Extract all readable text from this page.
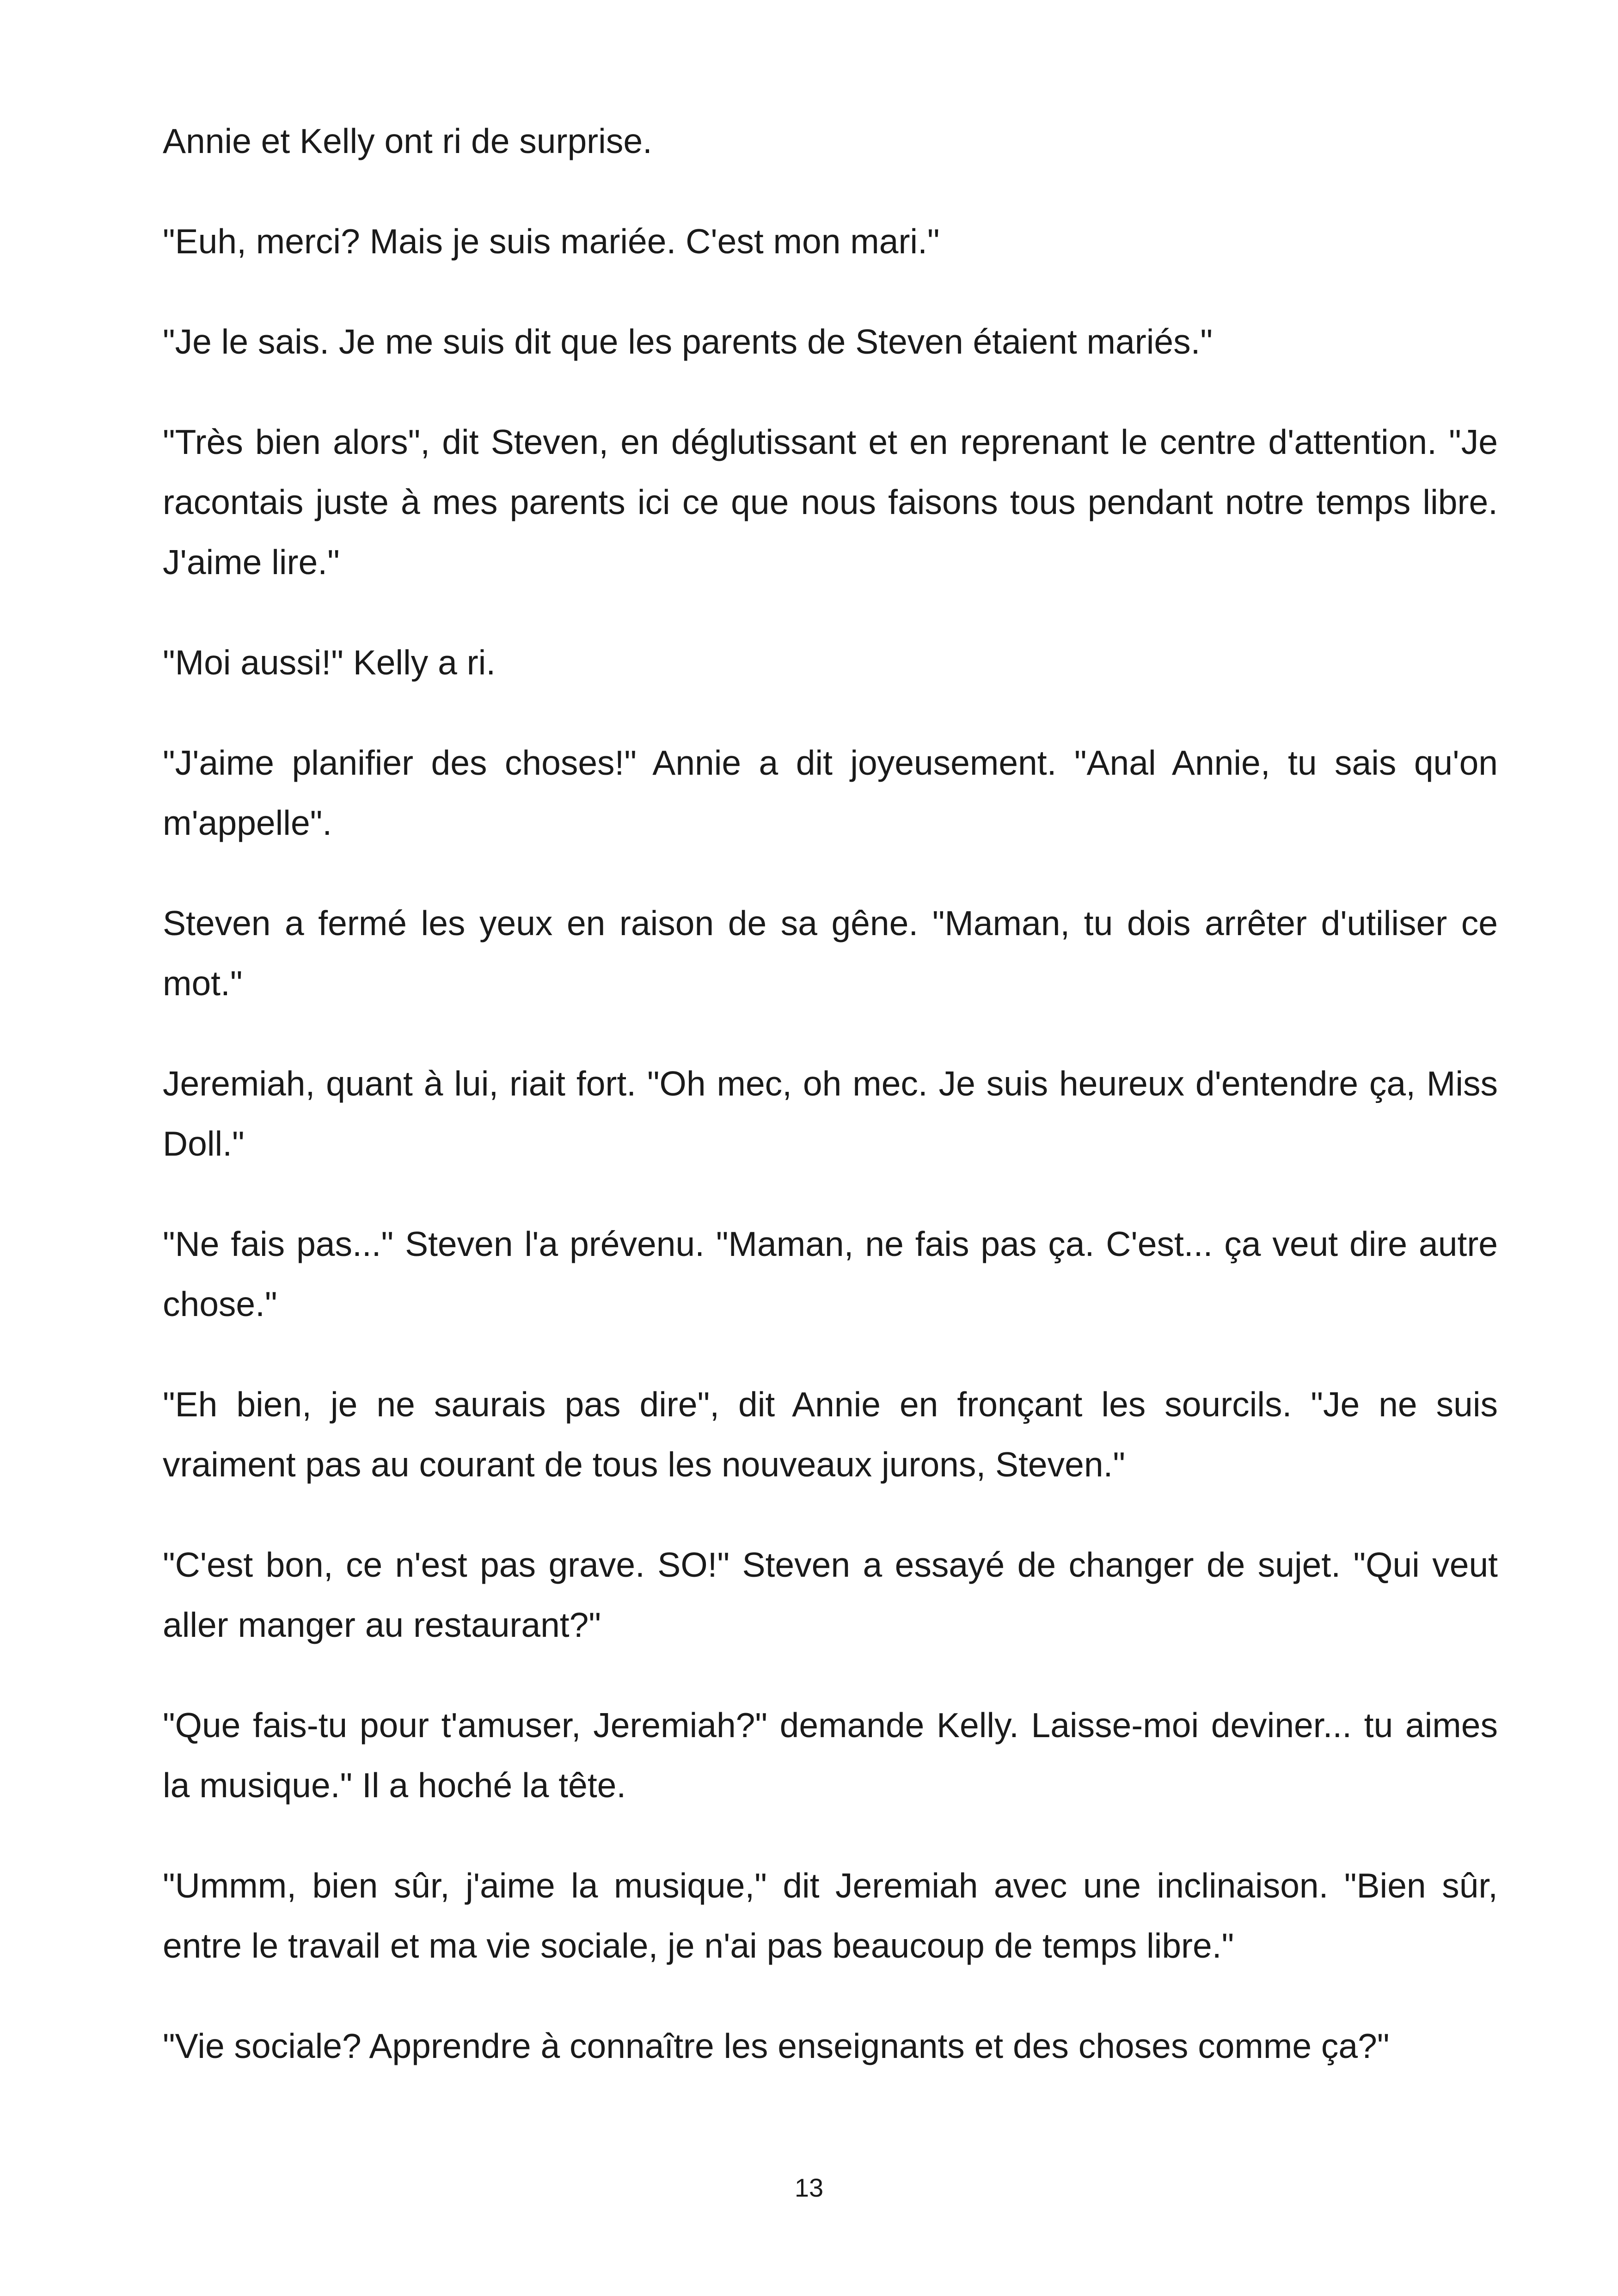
Annie et Kelly ont ri de surprise.

"Euh, merci? Mais je suis mariée. C'est mon mari."

"Je le sais. Je me suis dit que les parents de Steven étaient mariés."

"Très bien alors", dit Steven, en déglutissant et en reprenant le centre d'attention. "Je racontais juste à mes parents ici ce que nous faisons tous pendant notre temps libre. J'aime lire."

"Moi aussi!" Kelly a ri.

"J'aime planifier des choses!" Annie a dit joyeusement. "Anal Annie, tu sais qu'on m'appelle".

Steven a fermé les yeux en raison de sa gêne. "Maman, tu dois arrêter d'utiliser ce mot."

Jeremiah, quant à lui, riait fort. "Oh mec, oh mec. Je suis heureux d'entendre ça, Miss Doll."

"Ne fais pas..." Steven l'a prévenu. "Maman, ne fais pas ça. C'est... ça veut dire autre chose."

"Eh bien, je ne saurais pas dire", dit Annie en fronçant les sourcils. "Je ne suis vraiment pas au courant de tous les nouveaux jurons, Steven."

"C'est bon, ce n'est pas grave. SO!" Steven a essayé de changer de sujet. "Qui veut aller manger au restaurant?"

"Que fais-tu pour t'amuser, Jeremiah?" demande Kelly. Laisse-moi deviner... tu aimes la musique." Il a hoché la tête.

"Ummm, bien sûr, j'aime la musique," dit Jeremiah avec une inclinaison. "Bien sûr, entre le travail et ma vie sociale, je n'ai pas beaucoup de temps libre."

"Vie sociale? Apprendre à connaître les enseignants et des choses comme ça?"

13
